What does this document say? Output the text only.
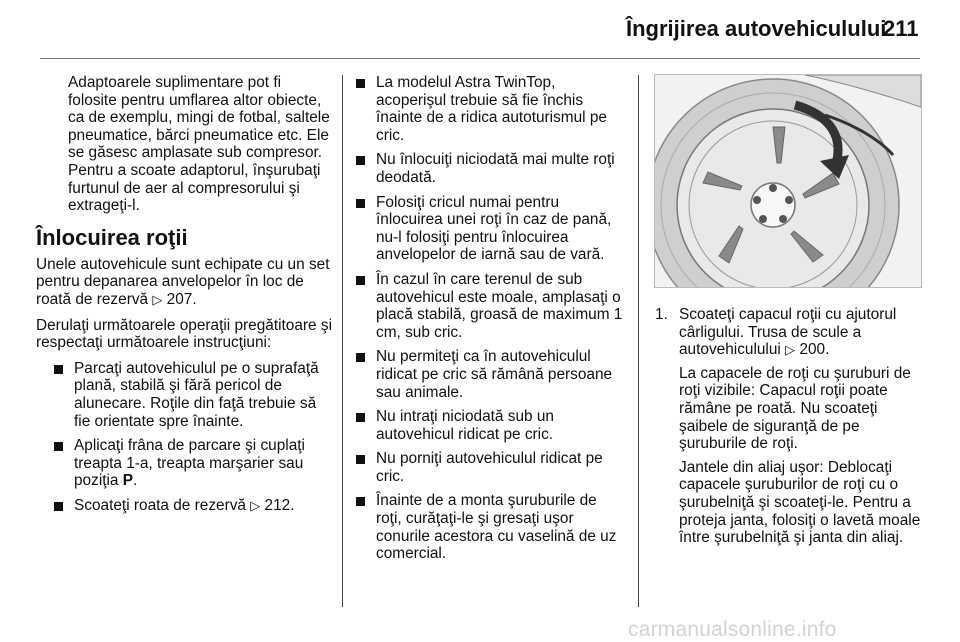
Îngrijirea autovehiculului
211

Adaptoarele suplimentare pot fi folosite pentru umflarea altor obiecte, ca de exemplu, mingi de fotbal, saltele pneumatice, bărci pneumatice etc. Ele se găsesc amplasate sub compresor. Pentru a scoate adaptorul, înşurubaţi furtunul de aer al compresorului şi extrageţi-l.

Înlocuirea roţii

Unele autovehicule sunt echipate cu un set pentru depanarea anvelopelor în loc de roată de rezervă ▷ 207.

Derulaţi următoarele operaţii pregătitoare şi respectaţi următoarele instrucţiuni:

Parcaţi autovehiculul pe o suprafaţă plană, stabilă şi fără pericol de alunecare. Roţile din faţă trebuie să fie orientate spre înainte.
Aplicaţi frâna de parcare şi cuplaţi treapta 1-a, treapta marşarier sau poziţia P.
Scoateţi roata de rezervă ▷ 212.
La modelul Astra TwinTop, acoperişul trebuie să fie închis înainte de a ridica autoturismul pe cric.
Nu înlocuiţi niciodată mai multe roţi deodată.
Folosiţi cricul numai pentru înlocuirea unei roţi în caz de pană, nu-l folosiţi pentru înlocuirea anvelopelor de iarnă sau de vară.
În cazul în care terenul de sub autovehicul este moale, amplasaţi o placă stabilă, groasă de maximum 1 cm, sub cric.
Nu permiteţi ca în autovehiculul ridicat pe cric să rămână persoane sau animale.
Nu intraţi niciodată sub un autovehicul ridicat pe cric.
Nu porniţi autovehiculul ridicat pe cric.
Înainte de a monta şuruburile de roţi, curăţaţi-le şi gresaţi uşor conurile acestora cu vaselină de uz comercial.
1. Scoateţi capacul roţii cu ajutorul cârligului. Trusa de scule a autovehiculului ▷ 200.

La capacele de roţi cu şuruburi de roţi vizibile: Capacul roţii poate rămâne pe roată. Nu scoateţi şaibele de siguranţă de pe şuruburile de roţi.

Jantele din aliaj uşor: Deblocaţi capacele şuruburilor de roţi cu o şurubelniţă şi scoateţi-le. Pentru a proteja janta, folosiţi o lavetă moale între şurubelniţă şi janta din aliaj.

carmanualsonline.info
